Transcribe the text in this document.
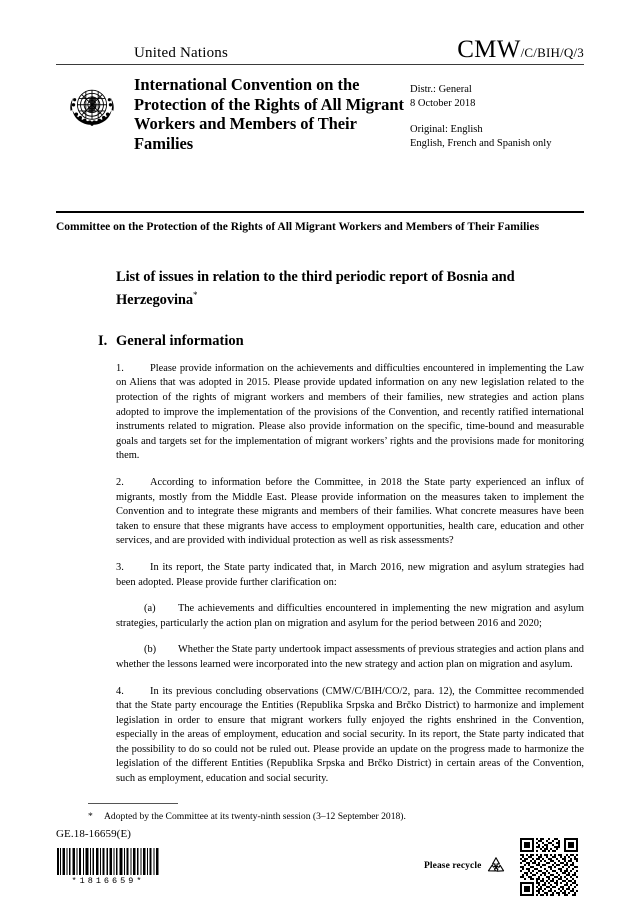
United Nations	CMW/C/BIH/Q/3
International Convention on the Protection of the Rights of All Migrant Workers and Members of Their Families
Distr.: General
8 October 2018
Original: English
English, French and Spanish only
Committee on the Protection of the Rights of All Migrant Workers and Members of Their Families
List of issues in relation to the third periodic report of Bosnia and Herzegovina*
I. General information
1.	Please provide information on the achievements and difficulties encountered in implementing the Law on Aliens that was adopted in 2015. Please provide updated information on any new legislation related to the protection of the rights of migrant workers and members of their families, new strategies and action plans adopted to improve the implementation of the provisions of the Convention, and recently ratified international instruments related to migration. Please also provide information on the specific, time-bound and measurable goals and targets set for the implementation of migrant workers’ rights and the provisions made for monitoring them.
2.	According to information before the Committee, in 2018 the State party experienced an influx of migrants, mostly from the Middle East. Please provide information on the measures taken to implement the Convention and to integrate these migrants and members of their families. What concrete measures have been taken to ensure that these migrants have access to employment opportunities, health care, education and other services, and are provided with individual protection as well as risk assessments?
3.	In its report, the State party indicated that, in March 2016, new migration and asylum strategies had been adopted. Please provide further clarification on:
(a) The achievements and difficulties encountered in implementing the new migration and asylum strategies, particularly the action plan on migration and asylum for the period between 2016 and 2020;
(b) Whether the State party undertook impact assessments of previous strategies and action plans and whether the lessons learned were incorporated into the new strategy and action plan on migration and asylum.
4.	In its previous concluding observations (CMW/C/BIH/CO/2, para. 12), the Committee recommended that the State party encourage the Entities (Republika Srpska and Brčko District) to harmonize and implement legislation in order to ensure that migrant workers fully enjoyed the rights enshrined in the Convention, especially in the areas of employment, education and social security. In its report, the State party indicated that the possibility to do so could not be ruled out. Please provide an update on the progress made to harmonize the legislation of the different Entities (Republika Srpska and Brčko District) in certain areas of the Convention, such as employment, education and social security.
* Adopted by the Committee at its twenty-ninth session (3–12 September 2018).
GE.18-16659(E)
*1816659*
Please recycle
